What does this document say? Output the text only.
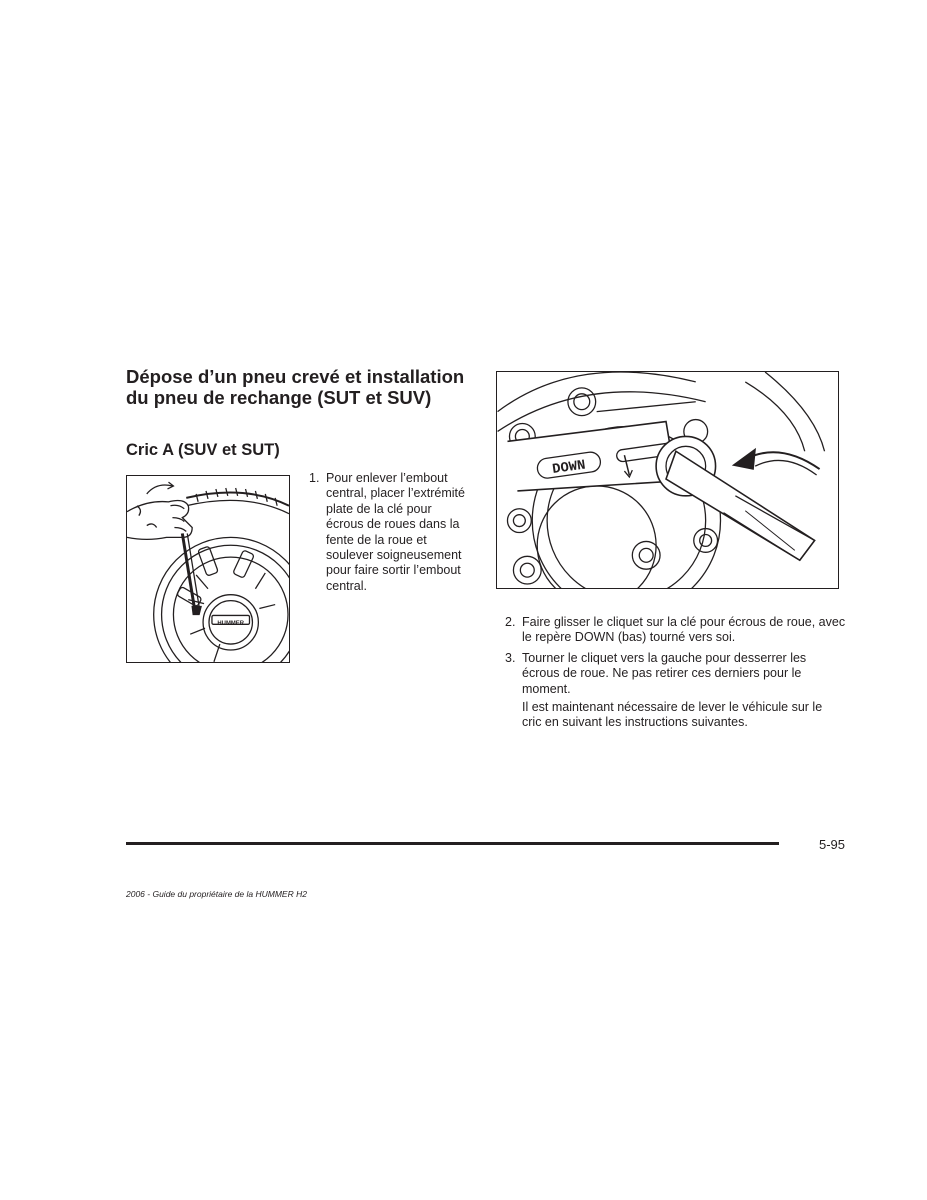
Dépose d’un pneu crevé et installation du pneu de rechange (SUT et SUV)
Cric A (SUV et SUT)
HUMMER
DOWN
1. Pour enlever l’embout central, placer l’extrémité plate de la clé pour écrous de roues dans la fente de la roue et soulever soigneusement pour faire sortir l’embout central.
2. Faire glisser le cliquet sur la clé pour écrous de roue, avec le repère DOWN (bas) tourné vers soi.
3. Tourner le cliquet vers la gauche pour desserrer les écrous de roue. Ne pas retirer ces derniers pour le moment.

Il est maintenant nécessaire de lever le véhicule sur le cric en suivant les instructions suivantes.

5-95
2006 - Guide du propriétaire de la HUMMER H2
